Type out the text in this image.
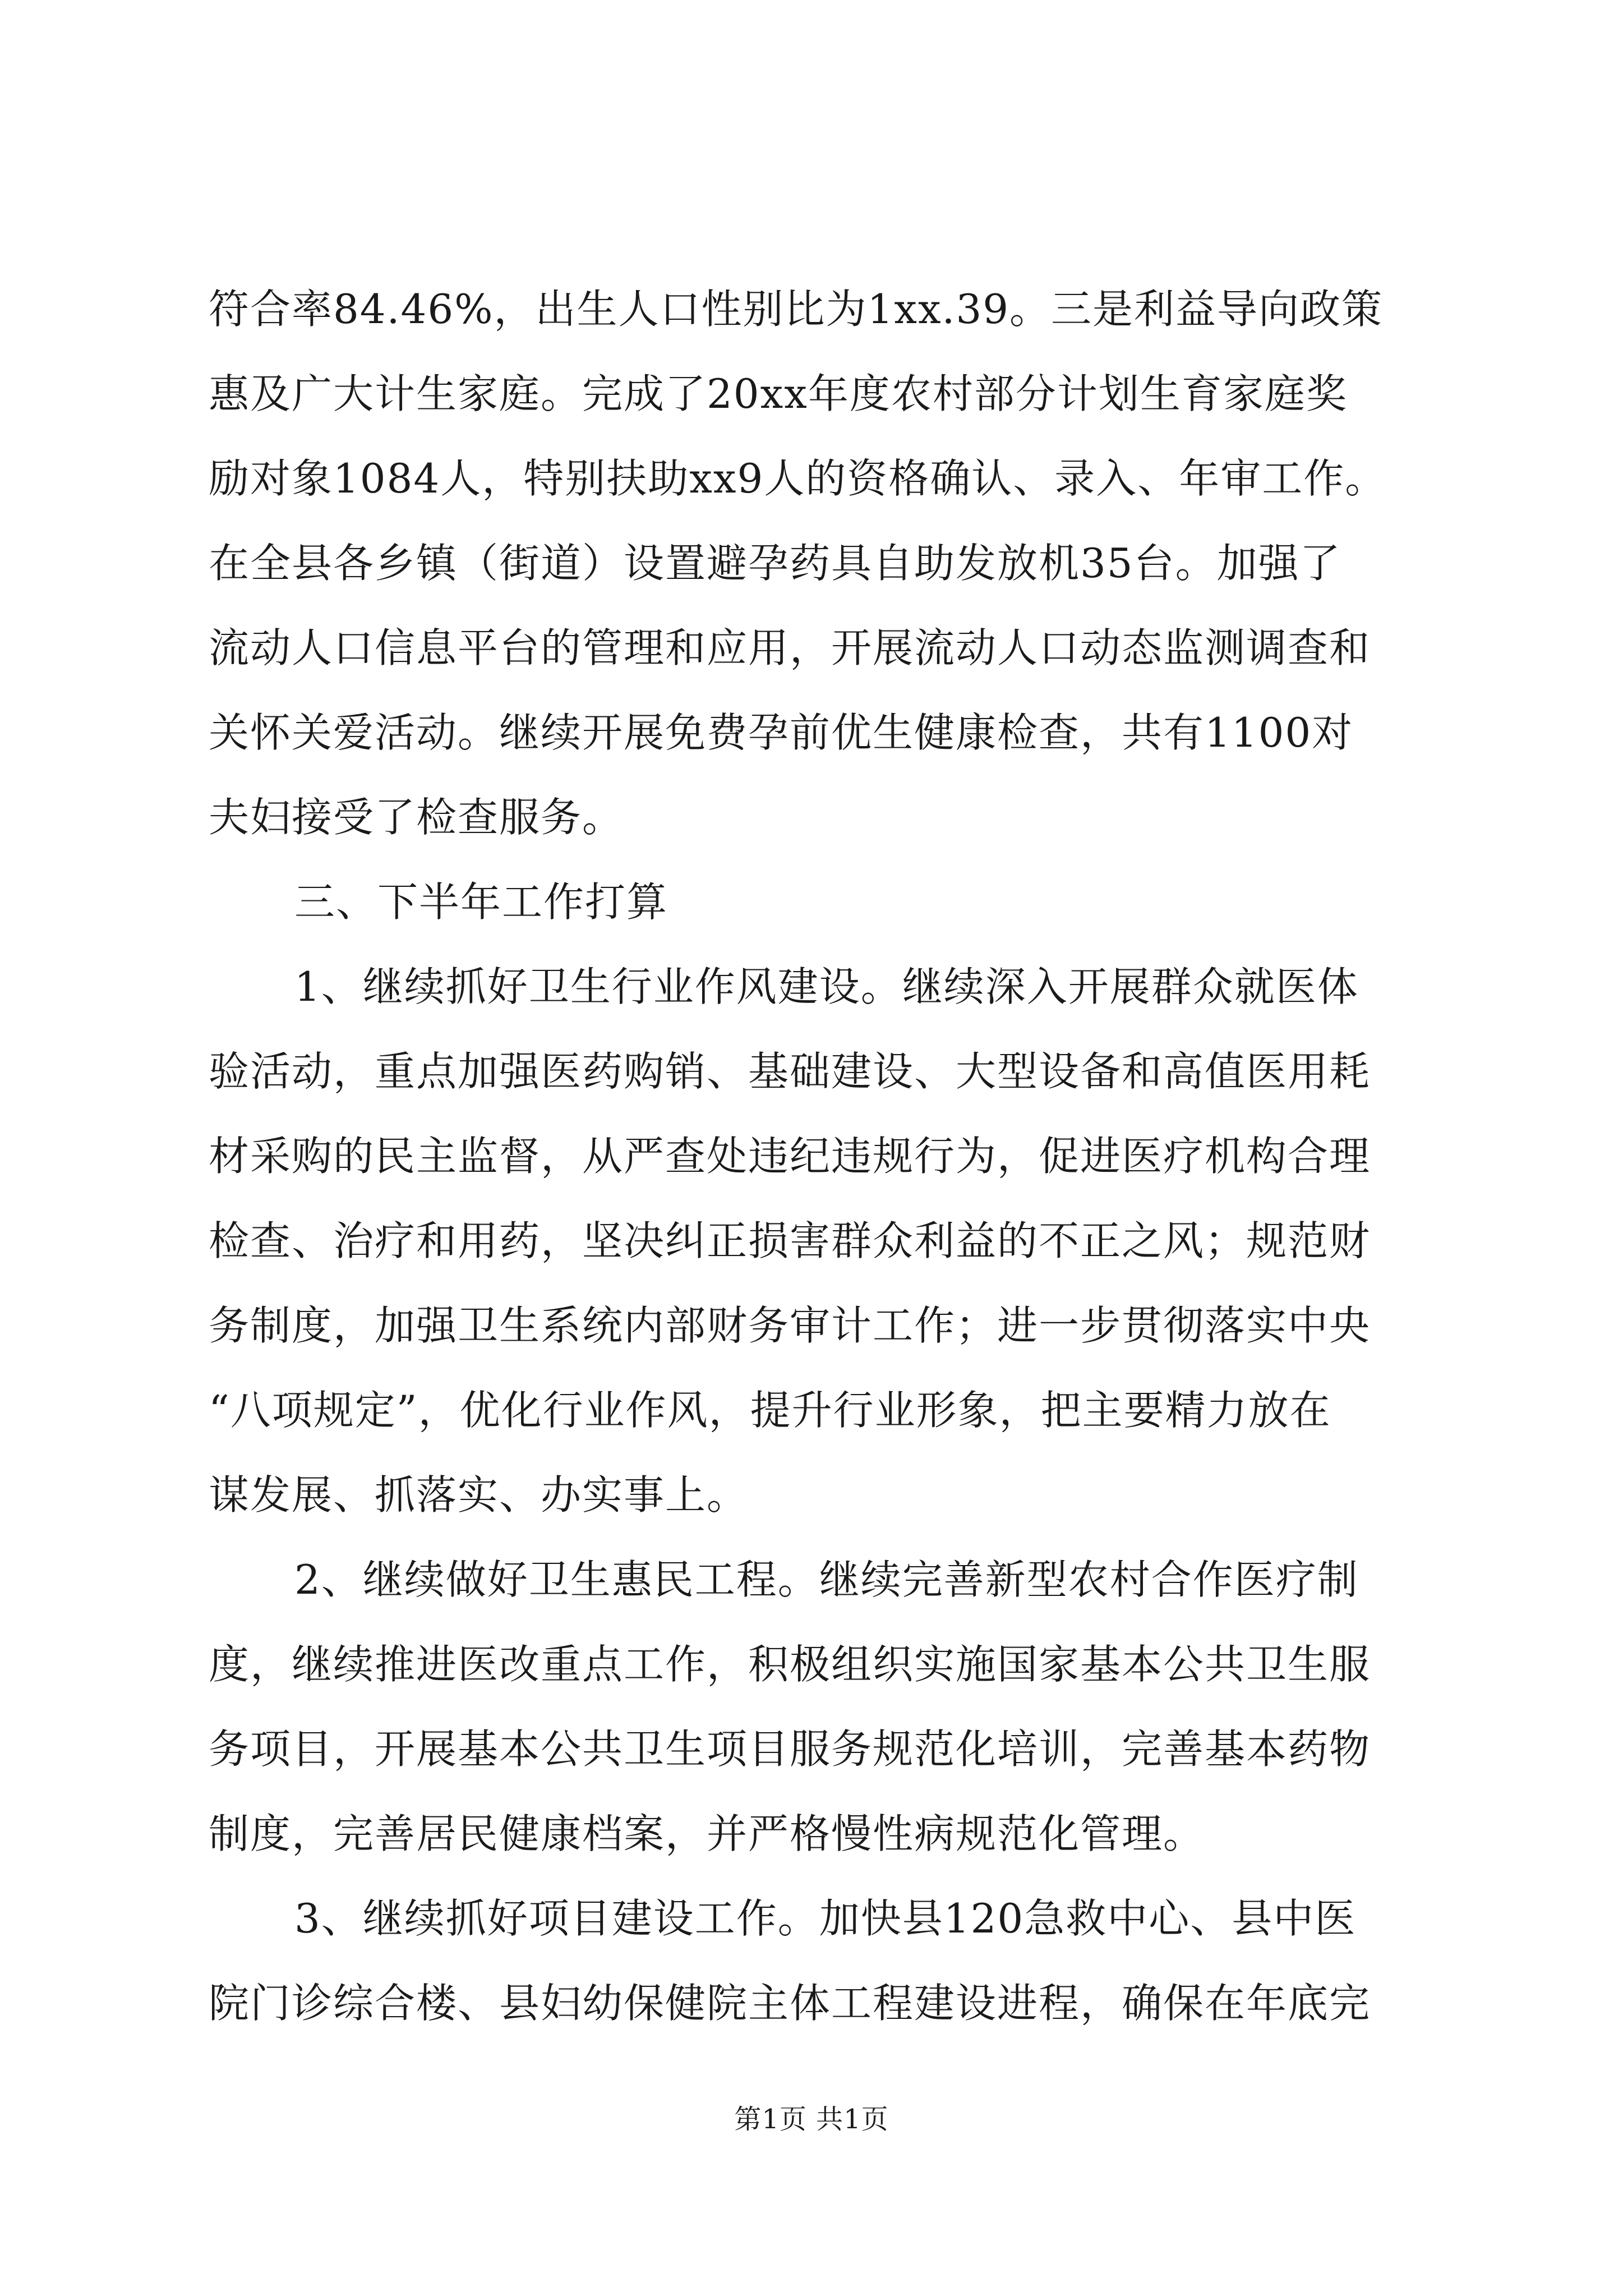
符合率84.46%，出生人口性别比为1xx.39。三是利益导向政策
惠及广大计生家庭。完成了20xx年度农村部分计划生育家庭奖
励对象1084人，特别扶助xx9人的资格确认、录入、年审工作。
在全县各乡镇（街道）设置避孕药具自助发放机35台。加强了
流动人口信息平台的管理和应用，开展流动人口动态监测调查和
关怀关爱活动。继续开展免费孕前优生健康检查，共有1100对
夫妇接受了检查服务。
三、下半年工作打算
1、继续抓好卫生行业作风建设。继续深入开展群众就医体
验活动，重点加强医药购销、基础建设、大型设备和高值医用耗
材采购的民主监督，从严查处违纪违规行为，促进医疗机构合理
检查、治疗和用药，坚决纠正损害群众利益的不正之风；规范财
务制度，加强卫生系统内部财务审计工作；进一步贯彻落实中央
“八项规定”，优化行业作风，提升行业形象，把主要精力放在
谋发展、抓落实、办实事上。
2、继续做好卫生惠民工程。继续完善新型农村合作医疗制
度，继续推进医改重点工作，积极组织实施国家基本公共卫生服
务项目，开展基本公共卫生项目服务规范化培训，完善基本药物
制度，完善居民健康档案，并严格慢性病规范化管理。
3、继续抓好项目建设工作。加快县120急救中心、县中医
院门诊综合楼、县妇幼保健院主体工程建设进程，确保在年底完
第1页 共1页
